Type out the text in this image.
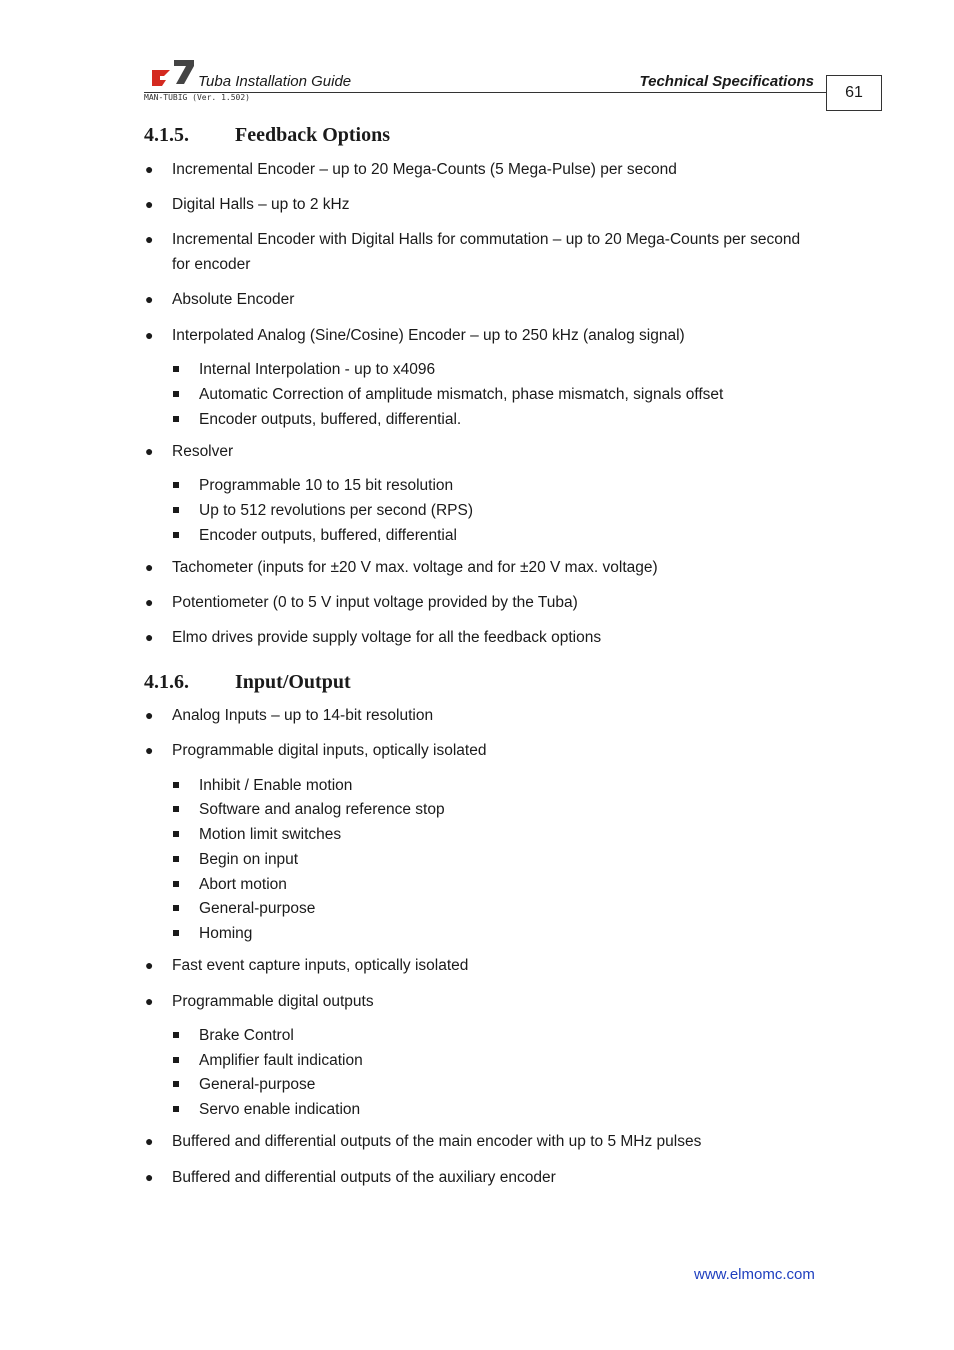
Tuba Installation Guide	Technical Specifications
MAN-TUBIG (Ver. 1.502)	61
4.1.5. Feedback Options
● Incremental Encoder – up to 20 Mega-Counts (5 Mega-Pulse) per second
● Digital Halls – up to 2 kHz
● Incremental Encoder with Digital Halls for commutation – up to 20 Mega-Counts per second for encoder
● Absolute Encoder
● Interpolated Analog (Sine/Cosine) Encoder – up to 250 kHz (analog signal)
Internal Interpolation - up to x4096
Automatic Correction of amplitude mismatch, phase mismatch, signals offset
Encoder outputs, buffered, differential.
● Resolver
Programmable 10 to 15 bit resolution
Up to 512 revolutions per second (RPS)
Encoder outputs, buffered, differential
● Tachometer (inputs for ±20 V max. voltage and for ±20 V max. voltage)
● Potentiometer (0 to 5 V input voltage provided by the Tuba)
● Elmo drives provide supply voltage for all the feedback options
4.1.6. Input/Output
● Analog Inputs – up to 14-bit resolution
● Programmable digital inputs, optically isolated
Inhibit / Enable motion
Software and analog reference stop
Motion limit switches
Begin on input
Abort motion
General-purpose
Homing
● Fast event capture inputs, optically isolated
● Programmable digital outputs
Brake Control
Amplifier fault indication
General-purpose
Servo enable indication
● Buffered and differential outputs of the main encoder with up to 5 MHz pulses
● Buffered and differential outputs of the auxiliary encoder
www.elmomc.com
